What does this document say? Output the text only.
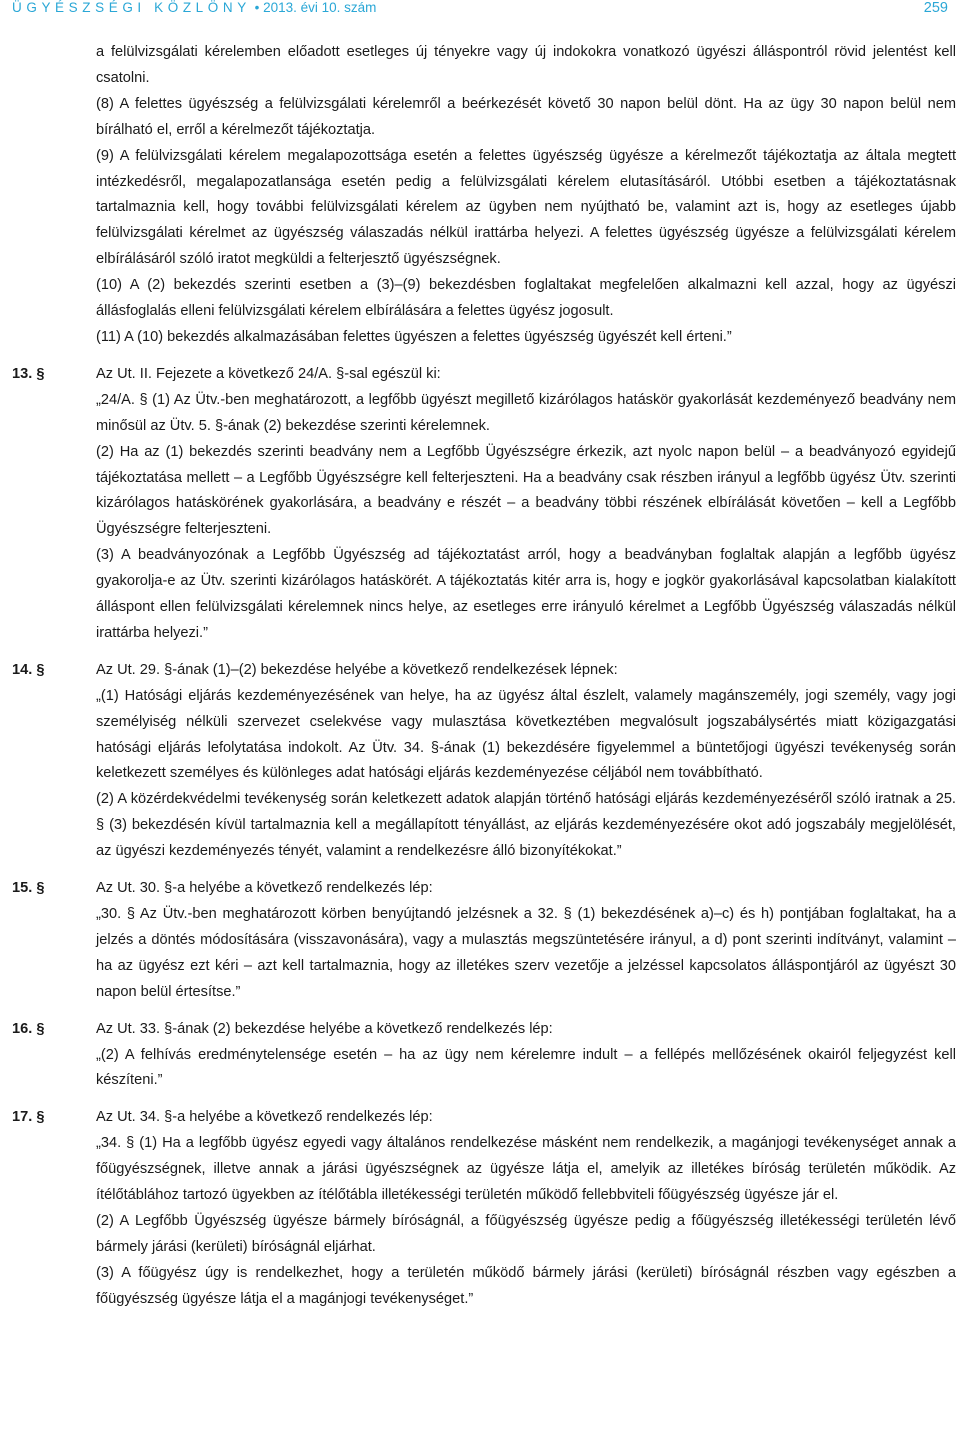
ÜGYÉSZSÉGI KÖZLÖNY • 2013. évi 10. szám	259

a felülvizsgálati kérelemben előadott esetleges új tényekre vagy új indokokra vonatkozó ügyészi álláspontról rövid jelentést kell csatolni.

(8) A felettes ügyészség a felülvizsgálati kérelemről a beérkezését követő 30 napon belül dönt. Ha az ügy 30 napon belül nem bírálható el, erről a kérelmezőt tájékoztatja.

(9) A felülvizsgálati kérelem megalapozottsága esetén a felettes ügyészség ügyésze a kérelmezőt tájékoztatja az általa megtett intézkedésről, megalapozatlansága esetén pedig a felülvizsgálati kérelem elutasításáról. Utóbbi esetben a tájékoztatásnak tartalmaznia kell, hogy további felülvizsgálati kérelem az ügyben nem nyújtható be, valamint azt is, hogy az esetleges újabb felülvizsgálati kérelmet az ügyészség válaszadás nélkül irattárba helyezi. A felettes ügyészség ügyésze a felülvizsgálati kérelem elbírálásáról szóló iratot megküldi a felterjesztő ügyészségnek.

(10) A (2) bekezdés szerinti esetben a (3)–(9) bekezdésben foglaltakat megfelelően alkalmazni kell azzal, hogy az ügyészi állásfoglalás elleni felülvizsgálati kérelem elbírálására a felettes ügyész jogosult.

(11) A (10) bekezdés alkalmazásában felettes ügyészen a felettes ügyészség ügyészét kell érteni.”

13. §	Az Ut. II. Fejezete a következő 24/A. §-sal egészül ki:

„24/A. § (1) Az Ütv.-ben meghatározott, a legfőbb ügyészt megillető kizárólagos hatáskör gyakorlását kezdeményező beadvány nem minősül az Ütv. 5. §-ának (2) bekezdése szerinti kérelemnek.

(2) Ha az (1) bekezdés szerinti beadvány nem a Legfőbb Ügyészségre érkezik, azt nyolc napon belül – a beadványozó egyidejű tájékoztatása mellett – a Legfőbb Ügyészségre kell felterjeszteni. Ha a beadvány csak részben irányul a legfőbb ügyész Ütv. szerinti kizárólagos hatáskörének gyakorlására, a beadvány e részét – a beadvány többi részének elbírálását követően – kell a Legfőbb Ügyészségre felterjeszteni.

(3) A beadványozónak a Legfőbb Ügyészség ad tájékoztatást arról, hogy a beadványban foglaltak alapján a legfőbb ügyész gyakorolja-e az Ütv. szerinti kizárólagos hatáskörét. A tájékoztatás kitér arra is, hogy e jogkör gyakorlásával kapcsolatban kialakított álláspont ellen felülvizsgálati kérelemnek nincs helye, az esetleges erre irányuló kérelmet a Legfőbb Ügyészség válaszadás nélkül irattárba helyezi.”

14. §	Az Ut. 29. §-ának (1)–(2) bekezdése helyébe a következő rendelkezések lépnek:

„(1) Hatósági eljárás kezdeményezésének van helye, ha az ügyész által észlelt, valamely magánszemély, jogi személy, vagy jogi személyiség nélküli szervezet cselekvése vagy mulasztása következtében megvalósult jogszabálysértés miatt közigazgatási hatósági eljárás lefolytatása indokolt. Az Ütv. 34. §-ának (1) bekezdésére figyelemmel a büntetőjogi ügyészi tevékenység során keletkezett személyes és különleges adat hatósági eljárás kezdeményezése céljából nem továbbítható.

(2) A közérdekvédelmi tevékenység során keletkezett adatok alapján történő hatósági eljárás kezdeményezéséről szóló iratnak a 25. § (3) bekezdésén kívül tartalmaznia kell a megállapított tényállást, az eljárás kezdeményezésére okot adó jogszabály megjelölését, az ügyészi kezdeményezés tényét, valamint a rendelkezésre álló bizonyítékokat.”

15. §	Az Ut. 30. §-a helyébe a következő rendelkezés lép:

„30. § Az Ütv.-ben meghatározott körben benyújtandó jelzésnek a 32. § (1) bekezdésének a)–c) és h) pontjában foglaltakat, ha a jelzés a döntés módosítására (visszavonására), vagy a mulasztás megszüntetésére irányul, a d) pont szerinti indítványt, valamint – ha az ügyész ezt kéri – azt kell tartalmaznia, hogy az illetékes szerv vezetője a jelzéssel kapcsolatos álláspontjáról az ügyészt 30 napon belül értesítse.”

16. §	Az Ut. 33. §-ának (2) bekezdése helyébe a következő rendelkezés lép:

„(2) A felhívás eredménytelensége esetén – ha az ügy nem kérelemre indult – a fellépés mellőzésének okairól feljegyzést kell készíteni.”

17. §	Az Ut. 34. §-a helyébe a következő rendelkezés lép:

„34. § (1) Ha a legfőbb ügyész egyedi vagy általános rendelkezése másként nem rendelkezik, a magánjogi tevékenységet annak a főügyészségnek, illetve annak a járási ügyészségnek az ügyésze látja el, amelyik az illetékes bíróság területén működik. Az ítélőtáblához tartozó ügyekben az ítélőtábla illetékességi területén működő fellebbviteli főügyészség ügyésze jár el.

(2) A Legfőbb Ügyészség ügyésze bármely bíróságnál, a főügyészség ügyésze pedig a főügyészség illetékességi területén lévő bármely járási (kerületi) bíróságnál eljárhat.

(3) A főügyész úgy is rendelkezhet, hogy a területén működő bármely járási (kerületi) bíróságnál részben vagy egészben a főügyészség ügyésze látja el a magánjogi tevékenységet.”
